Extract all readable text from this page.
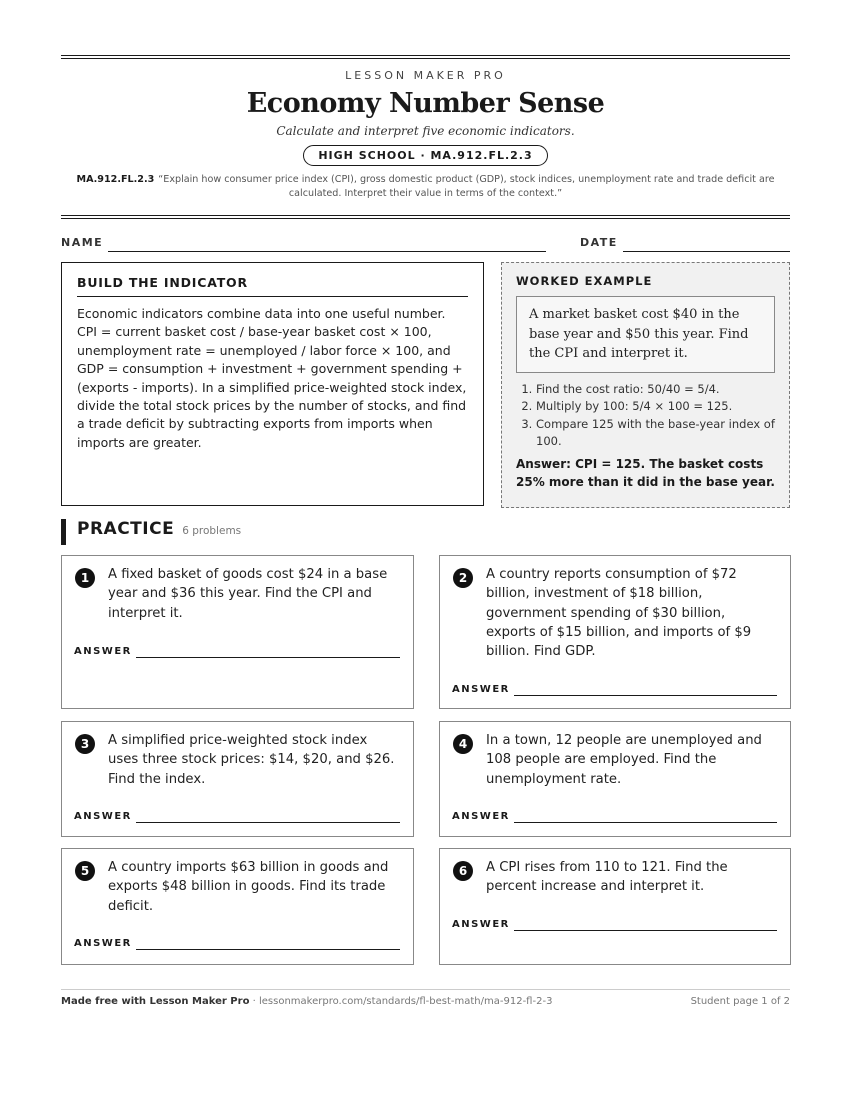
LESSON MAKER PRO
Economy Number Sense
Calculate and interpret five economic indicators.
HIGH SCHOOL · MA.912.FL.2.3
MA.912.FL.2.3 “Explain how consumer price index (CPI), gross domestic product (GDP), stock indices, unemployment rate and trade deficit are calculated. Interpret their value in terms of the context.”
NAME	DATE
BUILD THE INDICATOR

Economic indicators combine data into one useful number. CPI = current basket cost / base-year basket cost × 100, unemployment rate = unemployed / labor force × 100, and GDP = consumption + investment + government spending + (exports - imports). In a simplified price-weighted stock index, divide the total stock prices by the number of stocks, and find a trade deficit by subtracting exports from imports when imports are greater.

WORKED EXAMPLE
A market basket cost $40 in the base year and $50 this year. Find the CPI and interpret it.
1. Find the cost ratio: 50/40 = 5/4.
2. Multiply by 100: 5/4 × 100 = 125.
3. Compare 125 with the base-year index of 100.
Answer: CPI = 125. The basket costs 25% more than it did in the base year.
PRACTICE 6 problems
1	A fixed basket of goods cost $24 in a base year and $36 this year. Find the CPI and interpret it.
ANSWER
2	A country reports consumption of $72 billion, investment of $18 billion, government spending of $30 billion, exports of $15 billion, and imports of $9 billion. Find GDP.
ANSWER
3	A simplified price-weighted stock index uses three stock prices: $14, $20, and $26. Find the index.
ANSWER
4	In a town, 12 people are unemployed and 108 people are employed. Find the unemployment rate.
ANSWER
5	A country imports $63 billion in goods and exports $48 billion in goods. Find its trade deficit.
ANSWER
6	A CPI rises from 110 to 121. Find the percent increase and interpret it.
ANSWER
Made free with Lesson Maker Pro · lessonmakerpro.com/standards/fl-best-math/ma-912-fl-2-3	Student page 1 of 2
